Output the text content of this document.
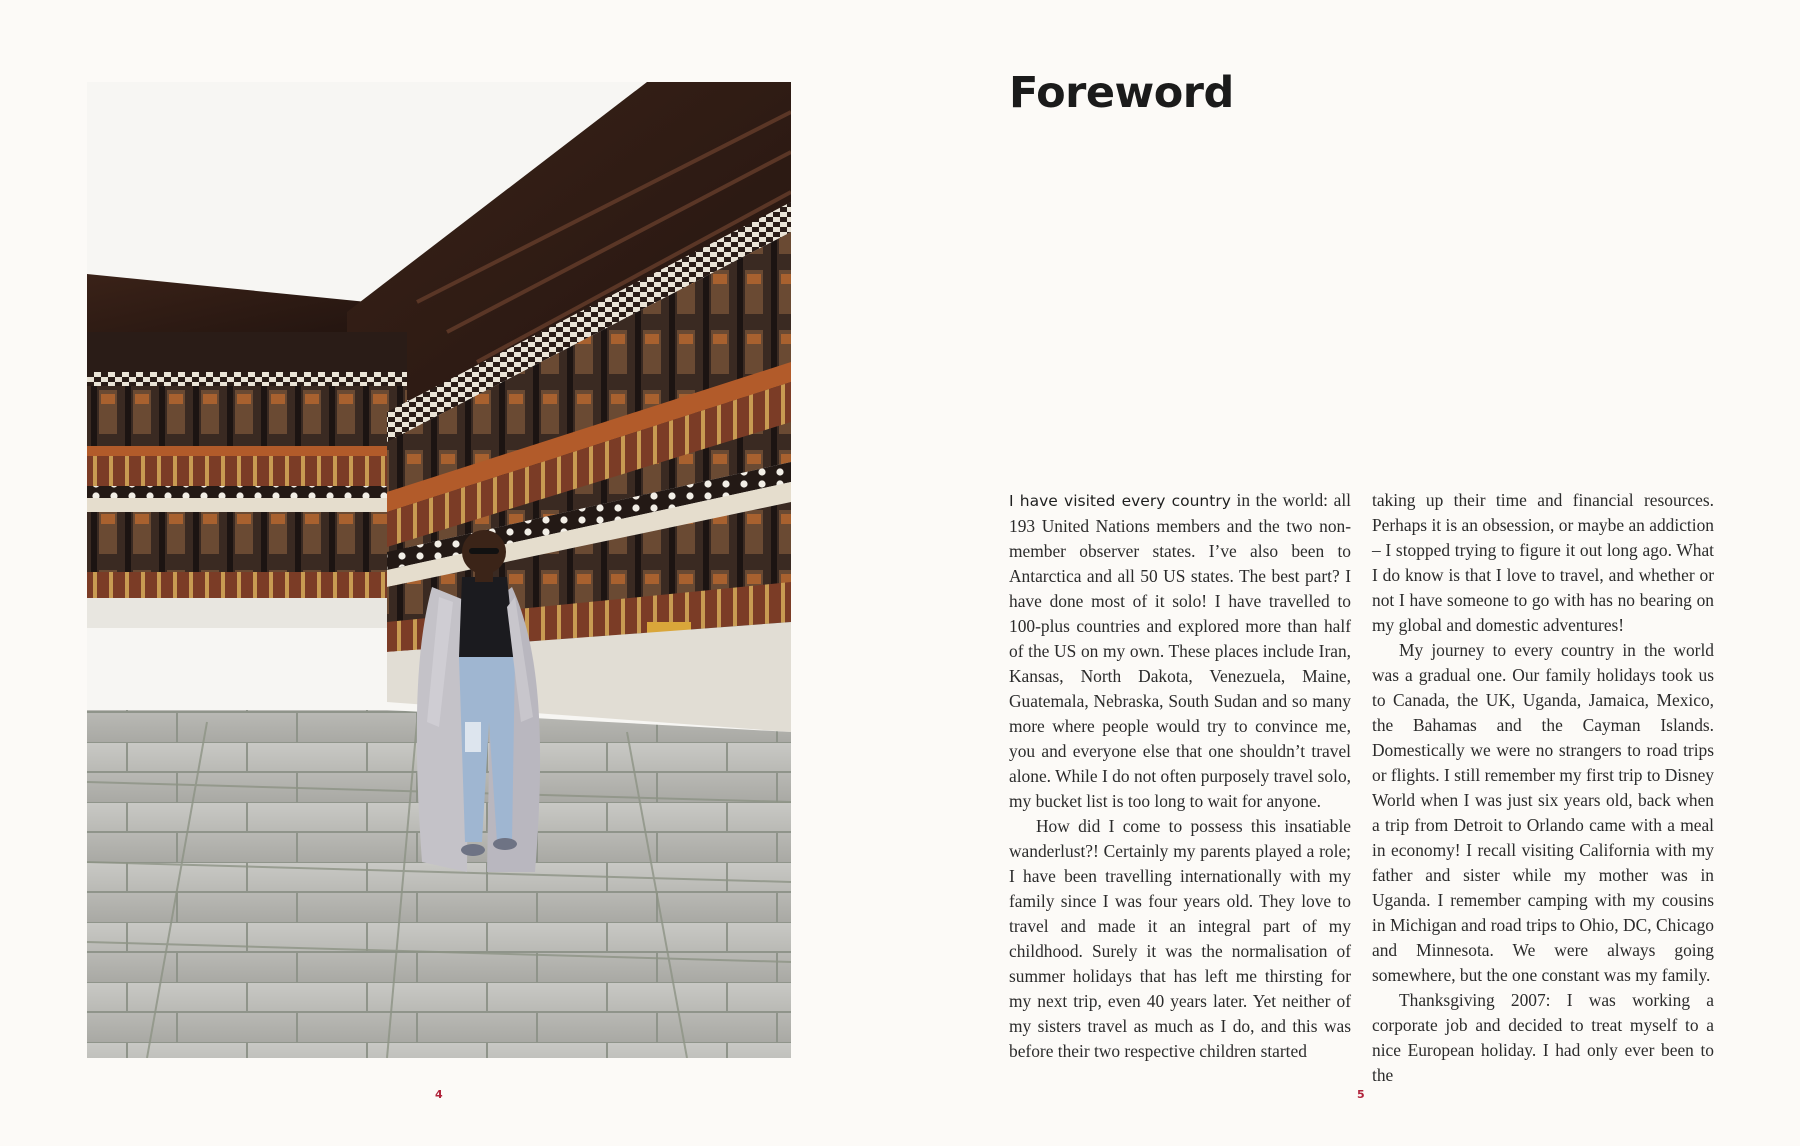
4
Foreword

I have visited every country in the world: all 193 United Nations members and the two non-member observer states. I’ve also been to Antarctica and all 50 US states. The best part? I have done most of it solo! I have travelled to 100-plus countries and explored more than half of the US on my own. These places include Iran, Kansas, North Dakota, Venezuela, Maine, Guatemala, Nebraska, South Sudan and so many more where people would try to convince me, you and everyone else that one shouldn’t travel alone. While I do not often purposely travel solo, my bucket list is too long to wait for anyone.

How did I come to possess this insatiable wanderlust?! Certainly my parents played a role; I have been travelling internationally with my family since I was four years old. They love to travel and made it an integral part of my childhood. Surely it was the normalisation of summer holidays that has left me thirsting for my next trip, even 40 years later. Yet neither of my sisters travel as much as I do, and this was before their two respective children started

taking up their time and financial resources. Perhaps it is an obsession, or maybe an addiction – I stopped trying to figure it out long ago. What I do know is that I love to travel, and whether or not I have someone to go with has no bearing on my global and domestic adventures!

My journey to every country in the world was a gradual one. Our family holidays took us to Canada, the UK, Uganda, Jamaica, Mexico, the Bahamas and the Cayman Islands. Domestically we were no strangers to road trips or flights. I still remember my first trip to Disney World when I was just six years old, back when a trip from Detroit to Orlando came with a meal in economy! I recall visiting California with my father and sister while my mother was in Uganda. I remember camping with my cousins in Michigan and road trips to Ohio, DC, Chicago and Minnesota. We were always going somewhere, but the one constant was my family.

Thanksgiving 2007: I was working a corporate job and decided to treat myself to a nice European holiday. I had only ever been to the

5
